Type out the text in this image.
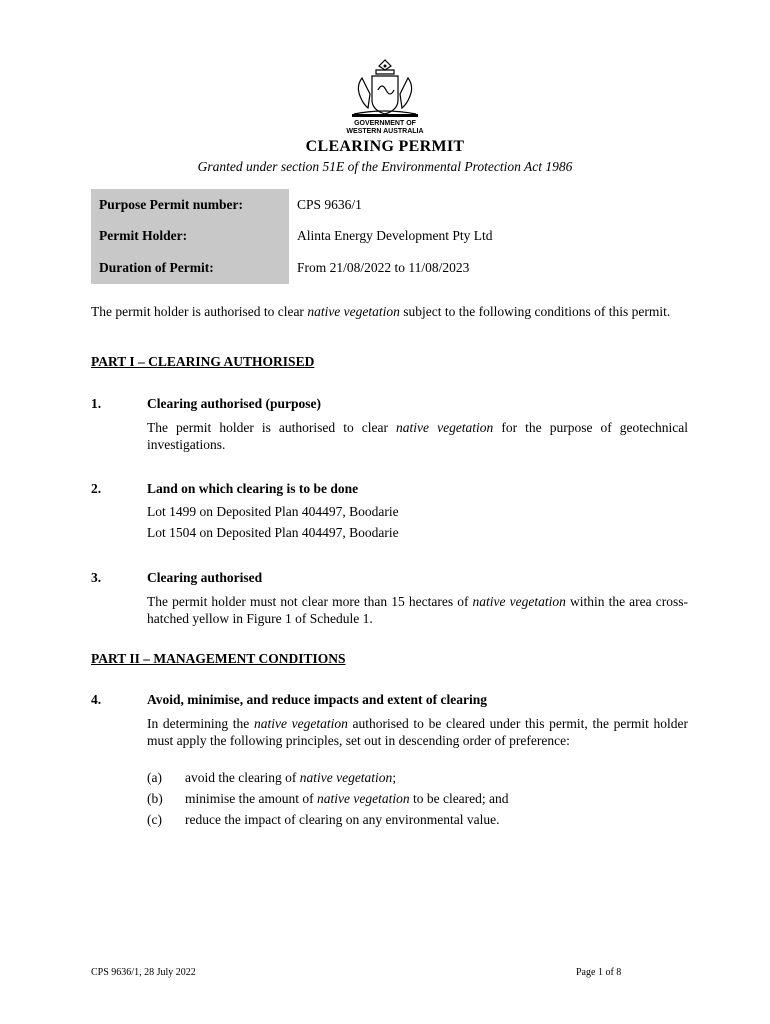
GOVERNMENT OF
WESTERN AUSTRALIA
CLEARING PERMIT
Granted under section 51E of the Environmental Protection Act 1986
Purpose Permit number:	CPS 9636/1
Permit Holder:	Alinta Energy Development Pty Ltd
Duration of Permit:	From 21/08/2022 to 11/08/2023
The permit holder is authorised to clear native vegetation subject to the following conditions of this permit.
PART I – CLEARING AUTHORISED
1.	Clearing authorised (purpose)
The permit holder is authorised to clear native vegetation for the purpose of geotechnical investigations.
2.	Land on which clearing is to be done
Lot 1499 on Deposited Plan 404497, Boodarie
Lot 1504 on Deposited Plan 404497, Boodarie
3.	Clearing authorised
The permit holder must not clear more than 15 hectares of native vegetation within the area cross-hatched yellow in Figure 1 of Schedule 1.
PART II – MANAGEMENT CONDITIONS
4.	Avoid, minimise, and reduce impacts and extent of clearing
In determining the native vegetation authorised to be cleared under this permit, the permit holder must apply the following principles, set out in descending order of preference:
(a) avoid the clearing of native vegetation;
(b) minimise the amount of native vegetation to be cleared; and
(c) reduce the impact of clearing on any environmental value.
CPS 9636/1, 28 July 2022	Page 1 of 8
